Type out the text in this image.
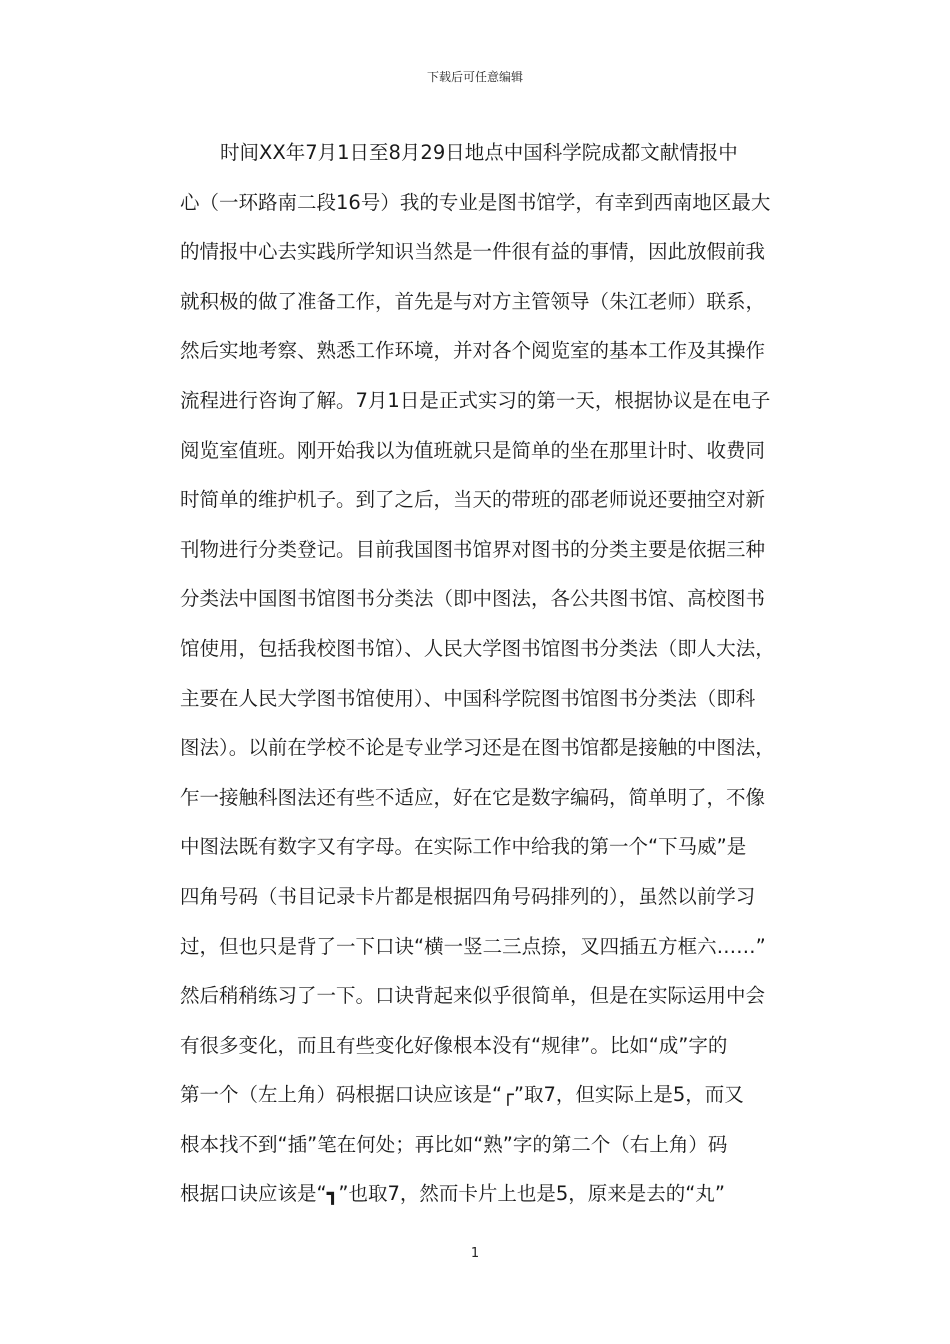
下载后可任意编辑
时间XX年7月1日至8月29日地点中国科学院成都文献情报中
心（一环路南二段16号）我的专业是图书馆学，有幸到西南地区最大
的情报中心去实践所学知识当然是一件很有益的事情，因此放假前我
就积极的做了准备工作，首先是与对方主管领导（朱江老师）联系，
然后实地考察、熟悉工作环境，并对各个阅览室的基本工作及其操作
流程进行咨询了解。7月1日是正式实习的第一天，根据协议是在电子
阅览室值班。刚开始我以为值班就只是简单的坐在那里计时、收费同
时简单的维护机子。到了之后，当天的带班的邵老师说还要抽空对新
刊物进行分类登记。目前我国图书馆界对图书的分类主要是依据三种
分类法中国图书馆图书分类法（即中图法，各公共图书馆、高校图书
馆使用，包括我校图书馆）、人民大学图书馆图书分类法（即人大法，
主要在人民大学图书馆使用）、中国科学院图书馆图书分类法（即科
图法）。以前在学校不论是专业学习还是在图书馆都是接触的中图法，
乍一接触科图法还有些不适应，好在它是数字编码，简单明了，不像
中图法既有数字又有字母。在实际工作中给我的第一个“下马威”是
四角号码（书目记录卡片都是根据四角号码排列的），虽然以前学习
过，但也只是背了一下口诀“横一竖二三点捺，叉四插五方框六……”
然后稍稍练习了一下。口诀背起来似乎很简单，但是在实际运用中会
有很多变化，而且有些变化好像根本没有“规律”。比如“成”字的
第一个（左上角）码根据口诀应该是“┌”取7，但实际上是5，而又
根本找不到“插”笔在何处；再比如“熟”字的第二个（右上角）码
根据口诀应该是“┓”也取7，然而卡片上也是5，原来是去的“丸”
1
